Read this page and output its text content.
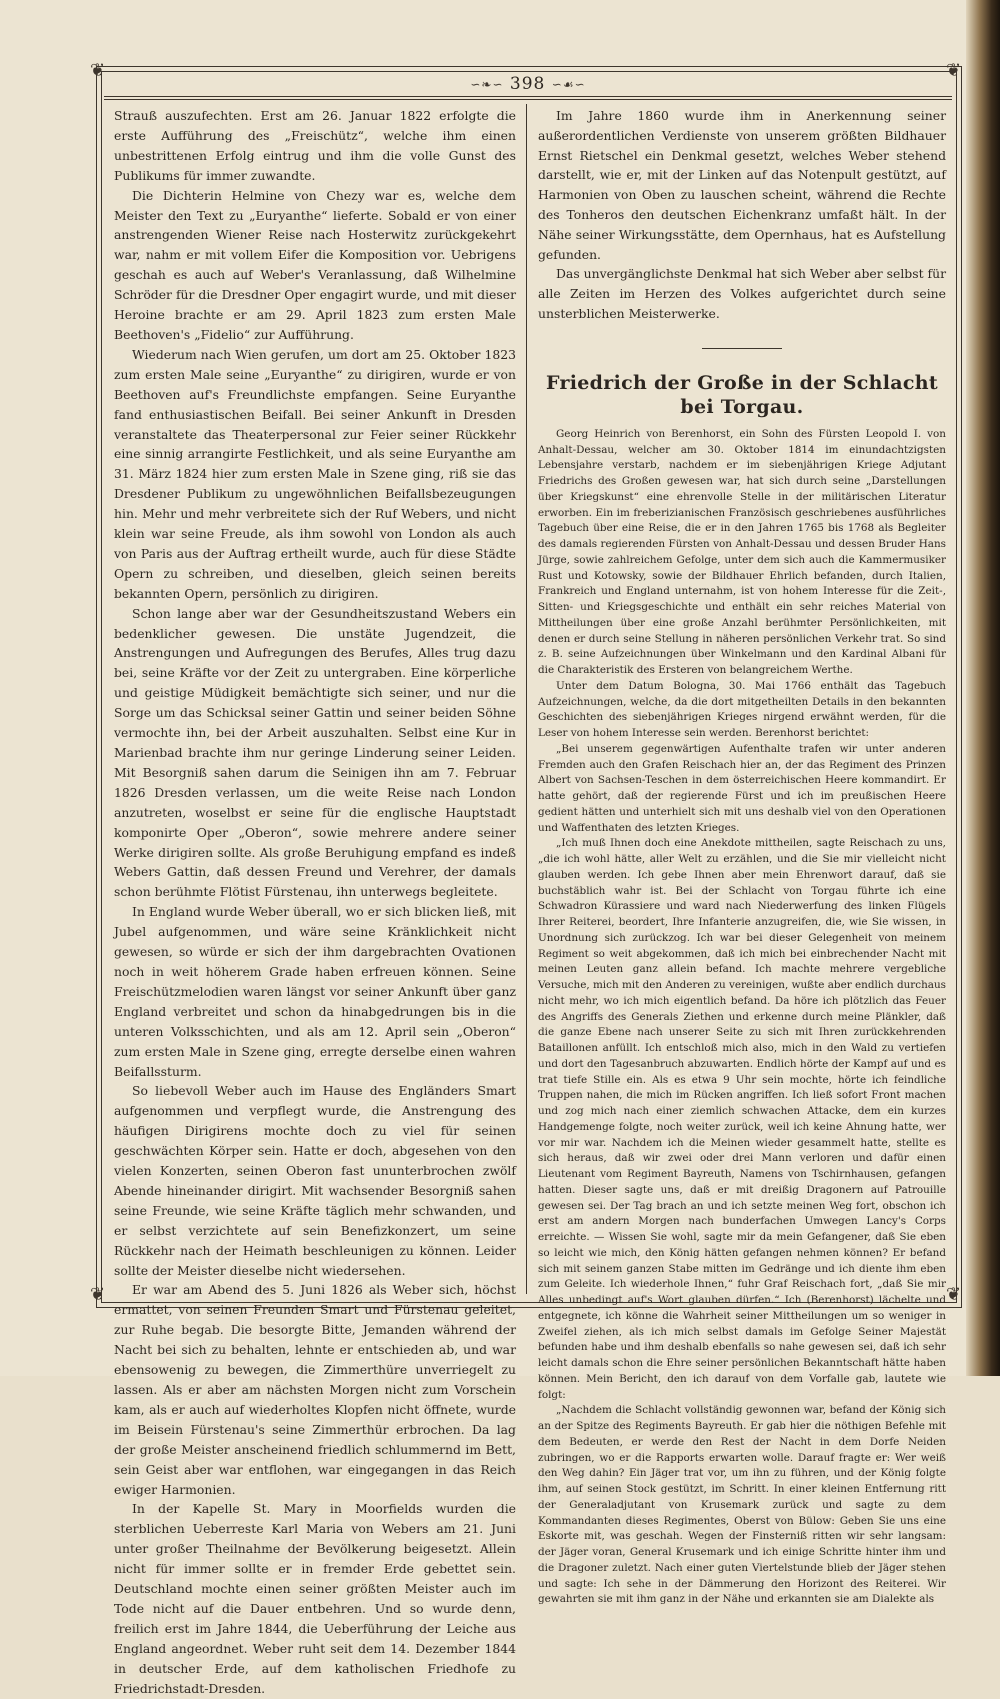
❦	❦
❦	❦
∽❧∽ 398 ∽☙∽

Strauß auszufechten. Erst am 26. Januar 1822 erfolgte die erste Aufführung des „Freischütz“, welche ihm einen unbestrittenen Erfolg eintrug und ihm die volle Gunst des Publikums für immer zuwandte.

Die Dichterin Helmine von Chezy war es, welche dem Meister den Text zu „Euryanthe“ lieferte. Sobald er von einer anstrengenden Wiener Reise nach Hosterwitz zurückgekehrt war, nahm er mit vollem Eifer die Komposition vor. Uebrigens geschah es auch auf Weber's Veranlassung, daß Wilhelmine Schröder für die Dresdner Oper engagirt wurde, und mit dieser Heroine brachte er am 29. April 1823 zum ersten Male Beethoven's „Fidelio“ zur Aufführung.

Wiederum nach Wien gerufen, um dort am 25. Oktober 1823 zum ersten Male seine „Euryanthe“ zu dirigiren, wurde er von Beethoven auf's Freundlichste empfangen. Seine Euryanthe fand enthusiastischen Beifall. Bei seiner Ankunft in Dresden veranstaltete das Theaterpersonal zur Feier seiner Rückkehr eine sinnig arrangirte Festlichkeit, und als seine Euryanthe am 31. März 1824 hier zum ersten Male in Szene ging, riß sie das Dresdener Publikum zu ungewöhnlichen Beifallsbezeugungen hin. Mehr und mehr verbreitete sich der Ruf Webers, und nicht klein war seine Freude, als ihm sowohl von London als auch von Paris aus der Auftrag ertheilt wurde, auch für diese Städte Opern zu schreiben, und dieselben, gleich seinen bereits bekannten Opern, persönlich zu dirigiren.

Schon lange aber war der Gesundheitszustand Webers ein bedenklicher gewesen. Die unstäte Jugendzeit, die Anstrengungen und Aufregungen des Berufes, Alles trug dazu bei, seine Kräfte vor der Zeit zu untergraben. Eine körperliche und geistige Müdigkeit bemächtigte sich seiner, und nur die Sorge um das Schicksal seiner Gattin und seiner beiden Söhne vermochte ihn, bei der Arbeit auszuhalten. Selbst eine Kur in Marienbad brachte ihm nur geringe Linderung seiner Leiden. Mit Besorgniß sahen darum die Seinigen ihn am 7. Februar 1826 Dresden verlassen, um die weite Reise nach London anzutreten, woselbst er seine für die englische Hauptstadt komponirte Oper „Oberon“, sowie mehrere andere seiner Werke dirigiren sollte. Als große Beruhigung empfand es indeß Webers Gattin, daß dessen Freund und Verehrer, der damals schon berühmte Flötist Fürstenau, ihn unterwegs begleitete.

In England wurde Weber überall, wo er sich blicken ließ, mit Jubel aufgenommen, und wäre seine Kränklichkeit nicht gewesen, so würde er sich der ihm dargebrachten Ovationen noch in weit höherem Grade haben erfreuen können. Seine Freischützmelodien waren längst vor seiner Ankunft über ganz England verbreitet und schon da hinabgedrungen bis in die unteren Volksschichten, und als am 12. April sein „Oberon“ zum ersten Male in Szene ging, erregte derselbe einen wahren Beifallssturm.

So liebevoll Weber auch im Hause des Engländers Smart aufgenommen und verpflegt wurde, die Anstrengung des häufigen Dirigirens mochte doch zu viel für seinen geschwächten Körper sein. Hatte er doch, abgesehen von den vielen Konzerten, seinen Oberon fast ununterbrochen zwölf Abende hineinander dirigirt. Mit wachsender Besorgniß sahen seine Freunde, wie seine Kräfte täglich mehr schwanden, und er selbst verzichtete auf sein Benefizkonzert, um seine Rückkehr nach der Heimath beschleunigen zu können. Leider sollte der Meister dieselbe nicht wiedersehen.

Er war am Abend des 5. Juni 1826 als Weber sich, höchst ermattet, von seinen Freunden Smart und Fürstenau geleitet, zur Ruhe begab. Die besorgte Bitte, Jemanden während der Nacht bei sich zu behalten, lehnte er entschieden ab, und war ebensowenig zu bewegen, die Zimmerthüre unverriegelt zu lassen. Als er aber am nächsten Morgen nicht zum Vorschein kam, als er auch auf wiederholtes Klopfen nicht öffnete, wurde im Beisein Fürstenau's seine Zimmerthür erbrochen. Da lag der große Meister anscheinend friedlich schlummernd im Bett, sein Geist aber war entflohen, war eingegangen in das Reich ewiger Harmonien.

In der Kapelle St. Mary in Moorfields wurden die sterblichen Ueberreste Karl Maria von Webers am 21. Juni unter großer Theilnahme der Bevölkerung beigesetzt. Allein nicht für immer sollte er in fremder Erde gebettet sein. Deutschland mochte einen seiner größten Meister auch im Tode nicht auf die Dauer entbehren. Und so wurde denn, freilich erst im Jahre 1844, die Ueberführung der Leiche aus England angeordnet. Weber ruht seit dem 14. Dezember 1844 in deutscher Erde, auf dem katholischen Friedhofe zu Friedrichstadt-Dresden.

Im Jahre 1860 wurde ihm in Anerkennung seiner außerordentlichen Verdienste von unserem größten Bildhauer Ernst Rietschel ein Denkmal gesetzt, welches Weber stehend darstellt, wie er, mit der Linken auf das Notenpult gestützt, auf Harmonien von Oben zu lauschen scheint, während die Rechte des Tonheros den deutschen Eichenkranz umfaßt hält. In der Nähe seiner Wirkungsstätte, dem Opernhaus, hat es Aufstellung gefunden.

Das unvergänglichste Denkmal hat sich Weber aber selbst für alle Zeiten im Herzen des Volkes aufgerichtet durch seine unsterblichen Meisterwerke.

Friedrich der Große in der Schlacht bei Torgau.

Georg Heinrich von Berenhorst, ein Sohn des Fürsten Leopold I. von Anhalt-Dessau, welcher am 30. Oktober 1814 im einundachtzigsten Lebensjahre verstarb, nachdem er im siebenjährigen Kriege Adjutant Friedrichs des Großen gewesen war, hat sich durch seine „Darstellungen über Kriegskunst“ eine ehrenvolle Stelle in der militärischen Literatur erworben. Ein im freberizianischen Französisch geschriebenes ausführliches Tagebuch über eine Reise, die er in den Jahren 1765 bis 1768 als Begleiter des damals regierenden Fürsten von Anhalt-Dessau und dessen Bruder Hans Jürge, sowie zahlreichem Gefolge, unter dem sich auch die Kammermusiker Rust und Kotowsky, sowie der Bildhauer Ehrlich befanden, durch Italien, Frankreich und England unternahm, ist von hohem Interesse für die Zeit-, Sitten- und Kriegsgeschichte und enthält ein sehr reiches Material von Mittheilungen über eine große Anzahl berühmter Persönlichkeiten, mit denen er durch seine Stellung in näheren persönlichen Verkehr trat. So sind z. B. seine Aufzeichnungen über Winkelmann und den Kardinal Albani für die Charakteristik des Ersteren von belangreichem Werthe.

Unter dem Datum Bologna, 30. Mai 1766 enthält das Tagebuch Aufzeichnungen, welche, da die dort mitgetheilten Details in den bekannten Geschichten des siebenjährigen Krieges nirgend erwähnt werden, für die Leser von hohem Interesse sein werden. Berenhorst berichtet:

„Bei unserem gegenwärtigen Aufenthalte trafen wir unter anderen Fremden auch den Grafen Reischach hier an, der das Regiment des Prinzen Albert von Sachsen-Teschen in dem österreichischen Heere kommandirt. Er hatte gehört, daß der regierende Fürst und ich im preußischen Heere gedient hätten und unterhielt sich mit uns deshalb viel von den Operationen und Waffenthaten des letzten Krieges.

„Ich muß Ihnen doch eine Anekdote mittheilen, sagte Reischach zu uns, „die ich wohl hätte, aller Welt zu erzählen, und die Sie mir vielleicht nicht glauben werden. Ich gebe Ihnen aber mein Ehrenwort darauf, daß sie buchstäblich wahr ist. Bei der Schlacht von Torgau führte ich eine Schwadron Kürassiere und ward nach Niederwerfung des linken Flügels Ihrer Reiterei, beordert, Ihre Infanterie anzugreifen, die, wie Sie wissen, in Unordnung sich zurückzog. Ich war bei dieser Gelegenheit von meinem Regiment so weit abgekommen, daß ich mich bei einbrechender Nacht mit meinen Leuten ganz allein befand. Ich machte mehrere vergebliche Versuche, mich mit den Anderen zu vereinigen, wußte aber endlich durchaus nicht mehr, wo ich mich eigentlich befand. Da höre ich plötzlich das Feuer des Angriffs des Generals Ziethen und erkenne durch meine Plänkler, daß die ganze Ebene nach unserer Seite zu sich mit Ihren zurückkehrenden Bataillonen anfüllt. Ich entschloß mich also, mich in den Wald zu vertiefen und dort den Tagesanbruch abzuwarten. Endlich hörte der Kampf auf und es trat tiefe Stille ein. Als es etwa 9 Uhr sein mochte, hörte ich feindliche Truppen nahen, die mich im Rücken angriffen. Ich ließ sofort Front machen und zog mich nach einer ziemlich schwachen Attacke, dem ein kurzes Handgemenge folgte, noch weiter zurück, weil ich keine Ahnung hatte, wer vor mir war. Nachdem ich die Meinen wieder gesammelt hatte, stellte es sich heraus, daß wir zwei oder drei Mann verloren und dafür einen Lieutenant vom Regiment Bayreuth, Namens von Tschirnhausen, gefangen hatten. Dieser sagte uns, daß er mit dreißig Dragonern auf Patrouille gewesen sei. Der Tag brach an und ich setzte meinen Weg fort, obschon ich erst am andern Morgen nach bunderfachen Umwegen Lancy's Corps erreichte. — Wissen Sie wohl, sagte mir da mein Gefangener, daß Sie eben so leicht wie mich, den König hätten gefangen nehmen können? Er befand sich mit seinem ganzen Stabe mitten im Gedränge und ich diente ihm eben zum Geleite. Ich wiederhole Ihnen,“ fuhr Graf Reischach fort, „daß Sie mir Alles unbedingt auf's Wort glauben dürfen.“ Ich (Berenhorst) lächelte und entgegnete, ich könne die Wahrheit seiner Mittheilungen um so weniger in Zweifel ziehen, als ich mich selbst damals im Gefolge Seiner Majestät befunden habe und ihm deshalb ebenfalls so nahe gewesen sei, daß ich sehr leicht damals schon die Ehre seiner persönlichen Bekanntschaft hätte haben können. Mein Bericht, den ich darauf von dem Vorfalle gab, lautete wie folgt:

„Nachdem die Schlacht vollständig gewonnen war, befand der König sich an der Spitze des Regiments Bayreuth. Er gab hier die nöthigen Befehle mit dem Bedeuten, er werde den Rest der Nacht in dem Dorfe Neiden zubringen, wo er die Rapports erwarten wolle. Darauf fragte er: Wer weiß den Weg dahin? Ein Jäger trat vor, um ihn zu führen, und der König folgte ihm, auf seinen Stock gestützt, im Schritt. In einer kleinen Entfernung ritt der Generaladjutant von Krusemark zurück und sagte zu dem Kommandanten dieses Regimentes, Oberst von Bülow: Geben Sie uns eine Eskorte mit, was geschah. Wegen der Finsterniß ritten wir sehr langsam: der Jäger voran, General Krusemark und ich einige Schritte hinter ihm und die Dragoner zuletzt. Nach einer guten Viertelstunde blieb der Jäger stehen und sagte: Ich sehe in der Dämmerung den Horizont des Reiterei. Wir gewahrten sie mit ihm ganz in der Nähe und erkannten sie am Dialekte als
